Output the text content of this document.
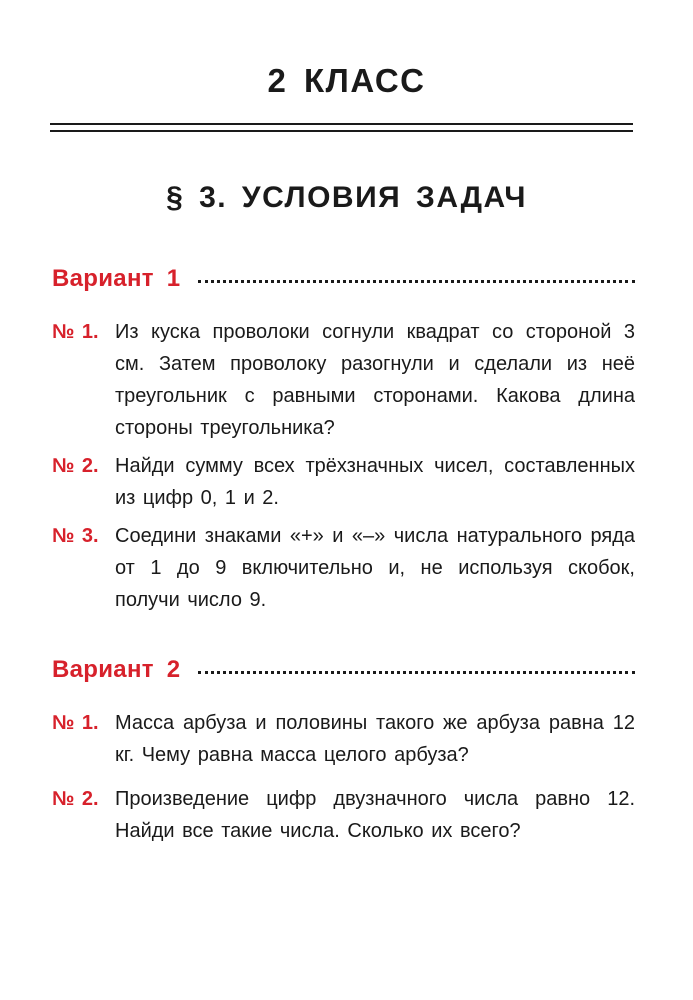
2 КЛАСС
§ 3. УСЛОВИЯ ЗАДАЧ
Вариант 1
№ 1. Из куска проволоки согнули квадрат со стороной 3 см. Затем проволоку разогнули и сделали из неё треугольник с равными сторонами. Какова длина стороны треугольника?
№ 2. Найди сумму всех трёхзначных чисел, составленных из цифр 0, 1 и 2.
№ 3. Соедини знаками «+» и «–» числа натурального ряда от 1 до 9 включительно и, не используя скобок, получи число 9.
Вариант 2
№ 1. Масса арбуза и половины такого же арбуза равна 12 кг. Чему равна масса целого арбуза?
№ 2. Произведение цифр двузначного числа равно 12. Найди все такие числа. Сколько их всего?
